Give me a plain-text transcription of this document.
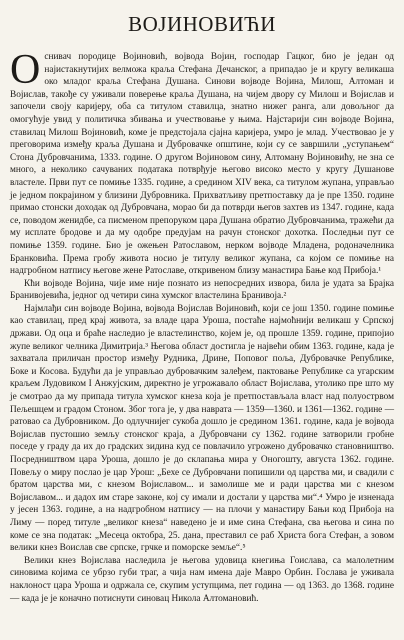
ВОЈИНОВИЋИ

Оснивач породице Војиновић, војвода Војин, господар Гацког, био је један од најистакнутијих велможа краља Стефана Дечанског, а припадао је и кругу великаша око младог краља Стефана Душана. Синови војводе Војина, Милош, Алтоман и Војислав, такође су уживали поверење краља Душана, на чијем двору су Милош и Војислав и започели своју каријеру, оба са титулом ставилца, знатно нижег ранга, али довољног да омогућује увид у политичка збивања и учествовање у њима. Најстарији син војводе Војина, ставилац Милош Војиновић, коме је предстојала сјајна каријера, умро је млад. Учествовао је у преговорима између краља Душана и Дубровачке општине, који су се завршили „уступањем“ Стона Дубровчанима, 1333. године. О другом Војиновом сину, Алтоману Војиновићу, не зна се много, а неколико сачуваних података потврђује његово високо место у кругу Душанове властеле. Први пут се помиње 1335. године, а средином XIV века, са титулом жупана, управљао је једном покрајином у близини Дубровника. Прихватљиву претпоставку да је пре 1350. године примао стонски доходак од Дубровчана, морао би да потврди његов захтев из 1347. године, када се, поводом женидбе, са писменом препоруком цара Душана обратио Дубровчанима, тражећи да му исплате бродове и да му одобре предујам на рачун стонског дохотка. Последњи пут се помиње 1359. године. Био је ожењен Ратославом, нерком војводе Младена, родоначелника Бранковића. Према гробу живота носио је титулу великог жупана, са којом се помиње на надгробном натпису његове жене Ратославе, откривеном близу манастира Бање код Прибоја.¹

Кћи војводе Војина, чије име није познато из непосредних извора, била је удата за Брајка Бранивојевића, једног од четири сина хумског властелина Бранивоја.²

Најмлађи син војводе Војина, војвода Војислав Војиновић, који се још 1350. године помиње као ставилац, пред крај живота, за владе цара Уроша, постаће најмоћнији великаш у Српској држави. Од оца и браће наследио је властелинство, којем је, од прошле 1359. године, припојио жупе великог челника Димитрија.³ Његова област достигла је највећи обим 1363. године, када је захватала приличан простор између Рудника, Дрине, Поповог поља, Дубровачке Републике, Боке и Косова. Будући да је управљао дубровачким залеђем, пактовање Републике са угарским краљем Лудовиком I Анжујским, директно је угрожавало област Војислава, утолико пре што му је смотрао да му припада титула хумског кнеза која је претпостављала власт над полуострвом Пељешцем и градом Стоном. Због тога је, у два навратa — 1359—1360. и 1361—1362. године — ратовао са Дубровником. До одлучнијег сукоба дошло је средином 1361. године, када је војвода Војислав пустошио земљу стонског краја, а Дубровчани су 1362. године затворили гробне поседе у граду да их до градских зидина куд се повлачило угрожено дубровачко становништво. Посредништвом цара Уроша, дошло је до склапања мира у Онoгошту, августа 1362. године. Повељу о миру послао је цар Урош: „Бехе се Дубровчани попишили од царства ми, и свадили с братом царства ми, с кнезом Војиславом... и замолише ме и ради царства ми с кнезом Војиславом... и дадох им старе законе, кој су имали и достали у царства ми“.⁴ Умро је изненада у јесен 1363. године, а на надгробном натпису — на плочи у манастиру Бањи код Прибоја на Лиму — поред титуле „великог кнеза“ наведено је и име сина Стефана, сва његова и сина по коме се зна податак: „Месеца октобра, 25. дана, преставил се раб Христа бога Стефан, а зовом велики кнез Воислав све српске, грчке и поморске земље“.⁵

Велики кнез Војислава наследила је његова удовица кнегиња Гоислава, са малолетним синовима којима се убрзо губи траг, а чија нам имена даје Мавро Орбин. Гослава је уживала наклоност цара Уроша и одржала се, скупим уступцима, пет година — од 1363. до 1368. године — када је је коначно потиснути синовац Никола Алтомановић.
